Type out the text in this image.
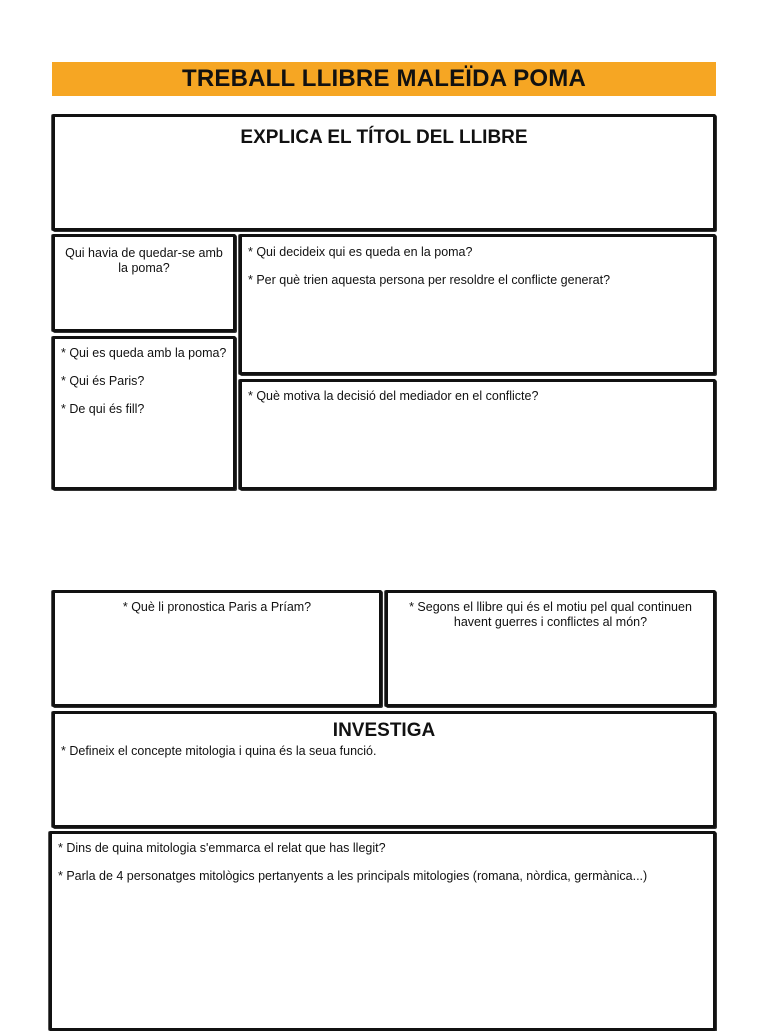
TREBALL LLIBRE MALEÏDA POMA
EXPLICA EL TÍTOL DEL LLIBRE

Qui havia de quedar-se amb la poma?

* Qui decideix qui es queda en la poma?

* Per què trien aquesta persona per resoldre el conflicte generat?

* Qui es queda amb la poma?

* Qui és Paris?

* De qui és fill?

* Què motiva la decisió del mediador en el conflicte?

* Què li pronostica Paris a Príam?	* Segons el llibre qui és el motiu pel qual continuen havent guerres i conflictes al món?

INVESTIGA

* Defineix el concepte mitologia i quina és la seua funció.

* Dins de quina mitologia s'emmarca el relat que has llegit?

* Parla de 4 personatges mitològics pertanyents a les principals mitologies (romana, nòrdica, germànica...)
